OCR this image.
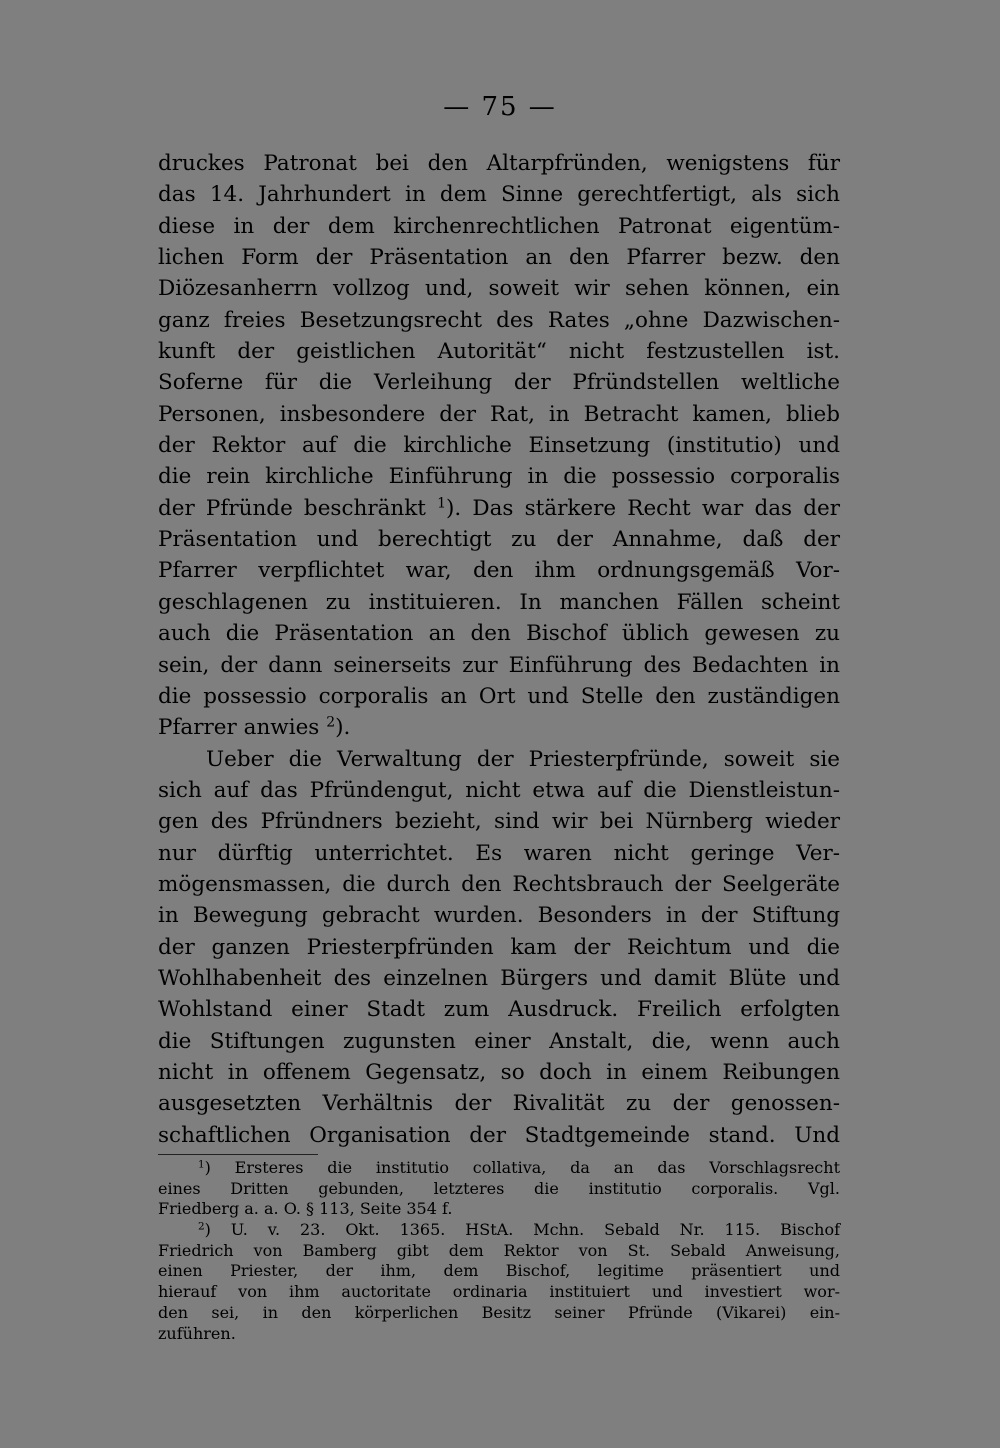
— 75 —
druckes Patronat bei den Altarpfründen, wenigstens für
das 14. Jahrhundert in dem Sinne gerechtfertigt, als sich
diese in der dem kirchenrechtlichen Patronat eigentüm-
lichen Form der Präsentation an den Pfarrer bezw. den
Diözesanherrn vollzog und, soweit wir sehen können, ein
ganz freies Besetzungsrecht des Rates „ohne Dazwischen-
kunft der geistlichen Autorität“ nicht festzustellen ist.
Soferne für die Verleihung der Pfründstellen weltliche
Personen, insbesondere der Rat, in Betracht kamen, blieb
der Rektor auf die kirchliche Einsetzung (institutio) und
die rein kirchliche Einführung in die possessio corporalis
der Pfründe beschränkt $^1$). Das stärkere Recht war das der
Präsentation und berechtigt zu der Annahme, daß der
Pfarrer verpflichtet war, den ihm ordnungsgemäß Vor-
geschlagenen zu instituieren. In manchen Fällen scheint
auch die Präsentation an den Bischof üblich gewesen zu
sein, der dann seinerseits zur Einführung des Bedachten in
die possessio corporalis an Ort und Stelle den zuständigen
Pfarrer anwies $^2$).
Ueber die Verwaltung der Priesterpfründe, soweit sie
sich auf das Pfründengut, nicht etwa auf die Dienstleistun-
gen des Pfründners bezieht, sind wir bei Nürnberg wieder
nur dürftig unterrichtet. Es waren nicht geringe Ver-
mögensmassen, die durch den Rechtsbrauch der Seelgeräte
in Bewegung gebracht wurden. Besonders in der Stiftung
der ganzen Priesterpfründen kam der Reichtum und die
Wohlhabenheit des einzelnen Bürgers und damit Blüte und
Wohlstand einer Stadt zum Ausdruck. Freilich erfolgten
die Stiftungen zugunsten einer Anstalt, die, wenn auch
nicht in offenem Gegensatz, so doch in einem Reibungen
ausgesetzten Verhältnis der Rivalität zu der genossen-
schaftlichen Organisation der Stadtgemeinde stand. Und
$^1$) Ersteres die institutio collativa, da an das Vorschlagsrecht
eines Dritten gebunden, letzteres die institutio corporalis. Vgl.
Friedberg a. a. O. § 113, Seite 354 f.
$^2$) U. v. 23. Okt. 1365. HStA. Mchn. Sebald Nr. 115. Bischof
Friedrich von Bamberg gibt dem Rektor von St. Sebald Anweisung,
einen Priester, der ihm, dem Bischof, legitime präsentiert und
hierauf von ihm auctoritate ordinaria instituiert und investiert wor-
den sei, in den körperlichen Besitz seiner Pfründe (Vikarei) ein-
zuführen.
